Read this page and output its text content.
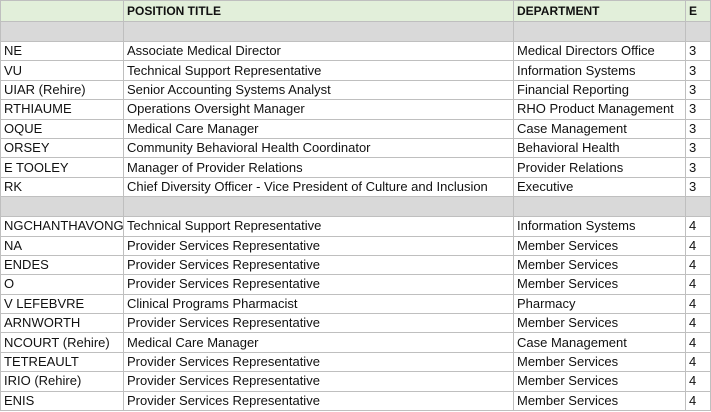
	POSITION TITLE	DEPARTMENT	E

NE	Associate Medical Director	Medical Directors Office	3
VU	Technical Support Representative	Information Systems	3
UIAR (Rehire)	Senior Accounting Systems Analyst	Financial Reporting	3
RTHIAUME	Operations Oversight Manager	RHO Product Management	3
OQUE	Medical Care Manager	Case Management	3
ORSEY	Community Behavioral Health Coordinator	Behavioral Health	3
E TOOLEY	Manager of Provider Relations	Provider Relations	3
RK	Chief Diversity Officer - Vice President of Culture and Inclusion	Executive	3

NGCHANTHAVONG	Technical Support Representative	Information Systems	4
NA	Provider Services Representative	Member Services	4
ENDES	Provider Services Representative	Member Services	4
O	Provider Services Representative	Member Services	4
V LEFEBVRE	Clinical Programs Pharmacist	Pharmacy	4
ARNWORTH	Provider Services Representative	Member Services	4
NCOURT (Rehire)	Medical Care Manager	Case Management	4
TETREAULT	Provider Services Representative	Member Services	4
IRIO (Rehire)	Provider Services Representative	Member Services	4
ENIS	Provider Services Representative	Member Services	4
